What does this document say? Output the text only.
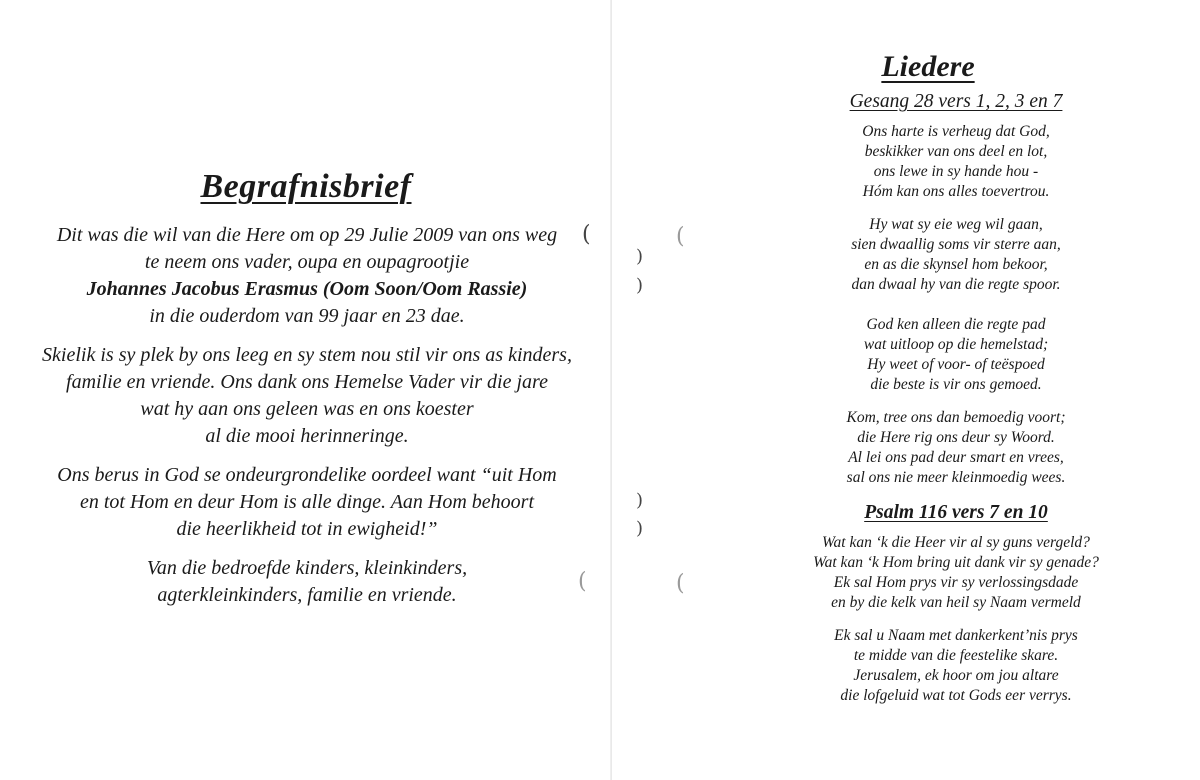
Begrafnisbrief

Dit was die wil van die Here om op 29 Julie 2009 van ons weg
te neem ons vader, oupa en oupagrootjie
Johannes Jacobus Erasmus (Oom Soon/Oom Rassie)
in die ouderdom van 99 jaar en 23 dae.

Skielik is sy plek by ons leeg en sy stem nou stil vir ons as kinders,
familie en vriende. Ons dank ons Hemelse Vader vir die jare
wat hy aan ons geleen was en ons koester
al die mooi herinneringe.

Ons berus in God se ondeurgrondelike oordeel want “uit Hom
en tot Hom en deur Hom is alle dinge. Aan Hom behoort
die heerlikheid tot in ewigheid!”

Van die bedroefde kinders, kleinkinders,
agterkleinkinders, familie en vriende.

Liedere
Gesang 28 vers 1, 2, 3 en 7
Ons harte is verheug dat God,
beskikker van ons deel en lot,
ons lewe in sy hande hou -
Hóm kan ons alles toevertrou.
Hy wat sy eie weg wil gaan,
sien dwaallig soms vir sterre aan,
en as die skynsel hom bekoor,
dan dwaal hy van die regte spoor.
God ken alleen die regte pad
wat uitloop op die hemelstad;
Hy weet of voor- of teëspoed
die beste is vir ons gemoed.
Kom, tree ons dan bemoedig voort;
die Here rig ons deur sy Woord.
Al lei ons pad deur smart en vrees,
sal ons nie meer kleinmoedig wees.
Psalm 116 vers 7 en 10
Wat kan ‘k die Heer vir al sy guns vergeld?
Wat kan ‘k Hom bring uit dank vir sy genade?
Ek sal Hom prys vir sy verlossingsdade
en by die kelk van heil sy Naam vermeld
Ek sal u Naam met dankerkent’nis prys
te midde van die feestelike skare.
Jerusalem, ek hoor om jou altare
die lofgeluid wat tot Gods eer verrys.
(	(
)
)
)
)
(	(
